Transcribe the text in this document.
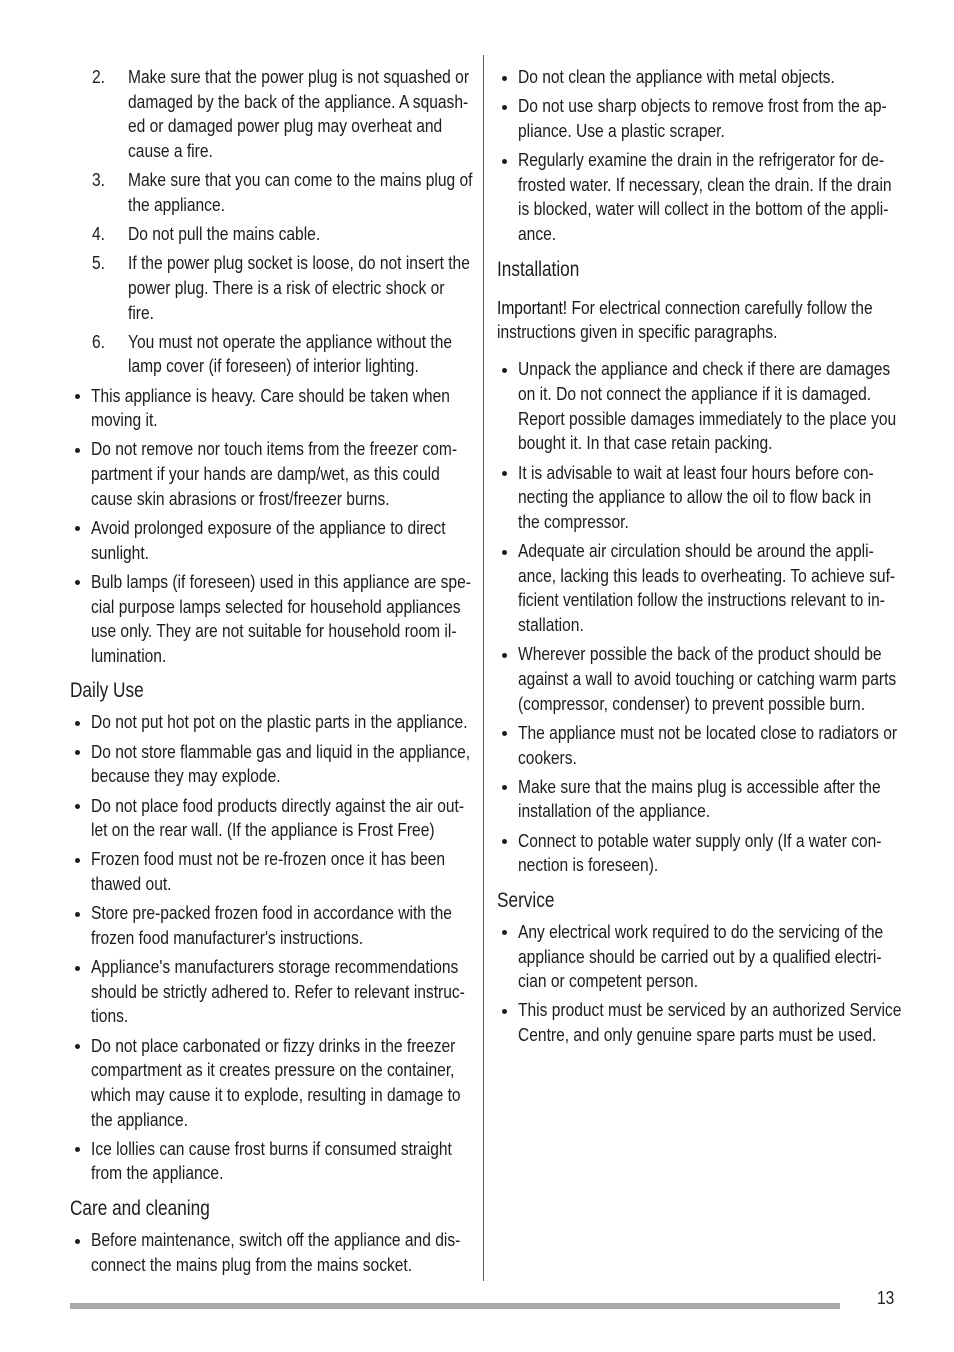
2. Make sure that the power plug is not squashed or
damaged by the back of the appliance. A squash-
ed or damaged power plug may overheat and
cause a fire.
3. Make sure that you can come to the mains plug of
the appliance.
4. Do not pull the mains cable.
5. If the power plug socket is loose, do not insert the
power plug. There is a risk of electric shock or
fire.
6. You must not operate the appliance without the
lamp cover (if foreseen) of interior lighting.
This appliance is heavy. Care should be taken when
moving it.
Do not remove nor touch items from the freezer com-
partment if your hands are damp/wet, as this could
cause skin abrasions or frost/freezer burns.
Avoid prolonged exposure of the appliance to direct
sunlight.
Bulb lamps (if foreseen) used in this appliance are spe-
cial purpose lamps selected for household appliances
use only. They are not suitable for household room il-
lumination.
Daily Use
Do not put hot pot on the plastic parts in the appliance.
Do not store flammable gas and liquid in the appliance,
because they may explode.
Do not place food products directly against the air out-
let on the rear wall. (If the appliance is Frost Free)
Frozen food must not be re-frozen once it has been
thawed out.
Store pre-packed frozen food in accordance with the
frozen food manufacturer's instructions.
Appliance's manufacturers storage recommendations
should be strictly adhered to. Refer to relevant instruc-
tions.
Do not place carbonated or fizzy drinks in the freezer
compartment as it creates pressure on the container,
which may cause it to explode, resulting in damage to
the appliance.
Ice lollies can cause frost burns if consumed straight
from the appliance.
Care and cleaning
Before maintenance, switch off the appliance and dis-
connect the mains plug from the mains socket.
Do not clean the appliance with metal objects.
Do not use sharp objects to remove frost from the ap-
pliance. Use a plastic scraper.
Regularly examine the drain in the refrigerator for de-
frosted water. If necessary, clean the drain. If the drain
is blocked, water will collect in the bottom of the appli-
ance.
Installation
Important! For electrical connection carefully follow the
instructions given in specific paragraphs.
Unpack the appliance and check if there are damages
on it. Do not connect the appliance if it is damaged.
Report possible damages immediately to the place you
bought it. In that case retain packing.
It is advisable to wait at least four hours before con-
necting the appliance to allow the oil to flow back in
the compressor.
Adequate air circulation should be around the appli-
ance, lacking this leads to overheating. To achieve suf-
ficient ventilation follow the instructions relevant to in-
stallation.
Wherever possible the back of the product should be
against a wall to avoid touching or catching warm parts
(compressor, condenser) to prevent possible burn.
The appliance must not be located close to radiators or
cookers.
Make sure that the mains plug is accessible after the
installation of the appliance.
Connect to potable water supply only (If a water con-
nection is foreseen).
Service
Any electrical work required to do the servicing of the
appliance should be carried out by a qualified electri-
cian or competent person.
This product must be serviced by an authorized Service
Centre, and only genuine spare parts must be used.
13
